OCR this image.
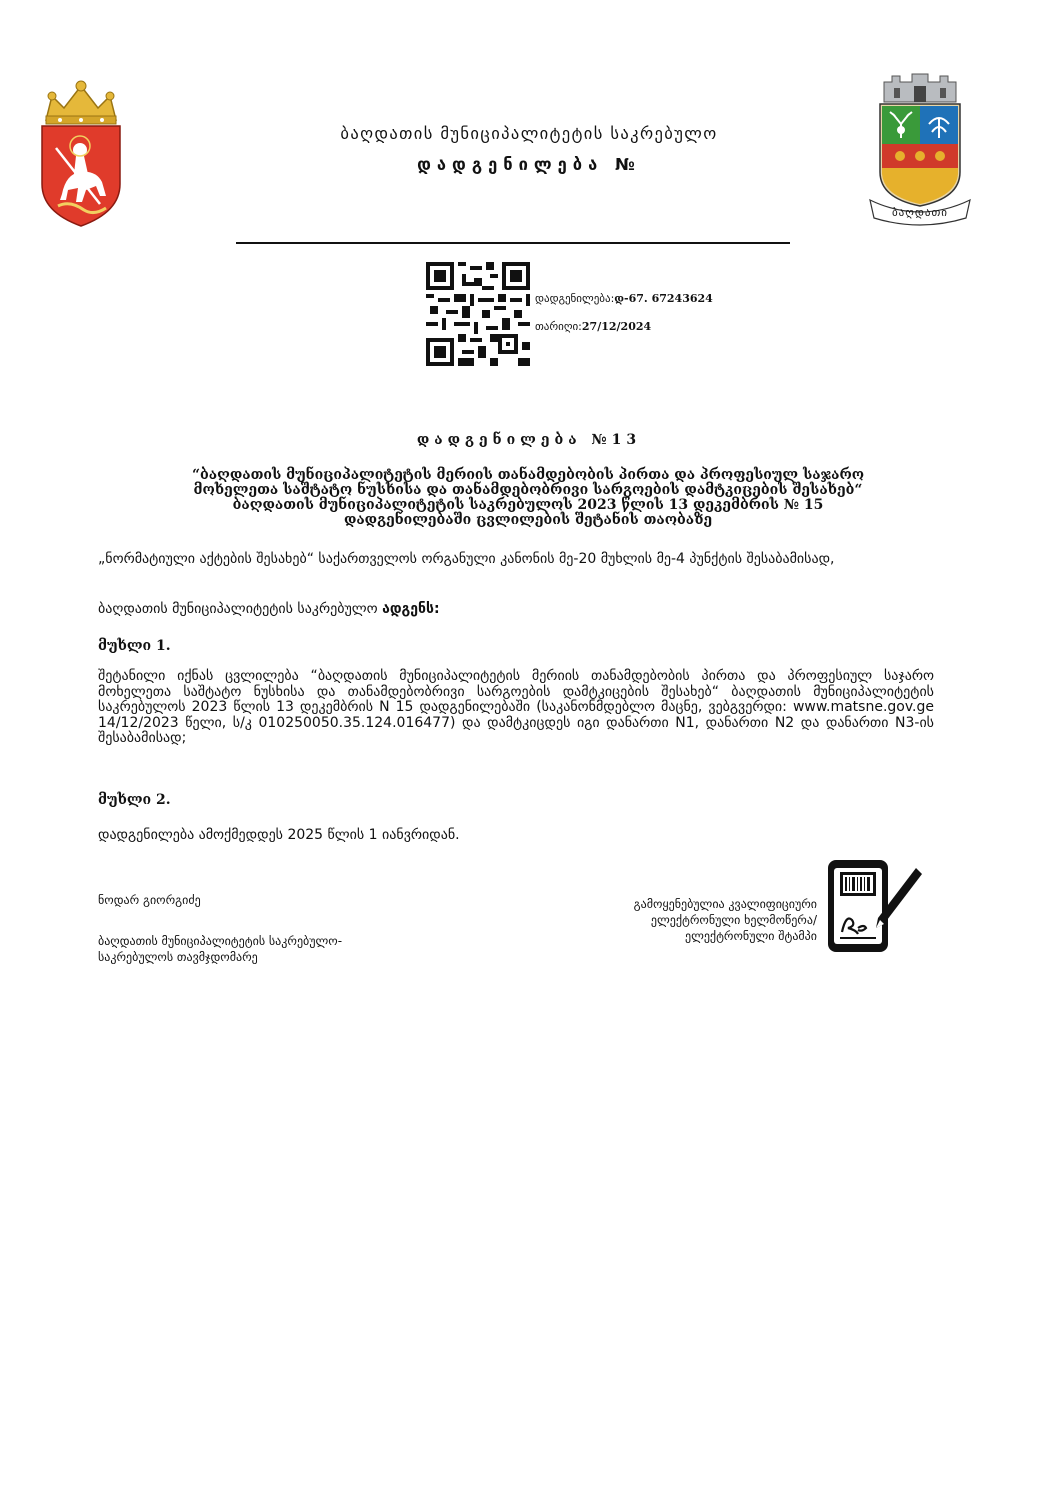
ბაღდათი
ბაღდათის მუნიციპალიტეტის საკრებულო
დადგენილება №
დადგენილება:დ-67. 67243624
თარიღი:27/12/2024
დადგენილება №13
“ბაღდათის მუნიციპალიტეტის მერიის თანამდებობის პირთა და პროფესიულ საჯარო
მოხელეთა საშტატო ნუსხისა და თანამდებობრივი სარგოების დამტკიცების შესახებ“
ბაღდათის მუნიციპალიტეტის საკრებულოს 2023 წლის 13 დეკემბრის № 15
დადგენილებაში ცვლილების შეტანის თაობაზე
„ნორმატიული აქტების შესახებ“ საქართველოს ორგანული კანონის მე-20 მუხლის მე-4 პუნქტის შესაბამისად,
ბაღდათის მუნიციპალიტეტის საკრებულო ადგენს:
მუხლი 1.
შეტანილი იქნას ცვლილება “ბაღდათის მუნიციპალიტეტის მერიის თანამდებობის პირთა და პროფესიულ საჯარო მოხელეთა საშტატო ნუსხისა და თანამდებობრივი სარგოების დამტკიცების შესახებ“ ბაღდათის მუნიციპალიტეტის საკრებულოს 2023 წლის 13 დეკემბრის N 15 დადგენილებაში (საკანონმდებლო მაცნე, ვებგვერდი: www.matsne.gov.ge 14/12/2023 წელი, ს/კ 010250050.35.124.016477) და დამტკიცდეს იგი დანართი N1, დანართი N2 და დანართი N3-ის შესაბამისად;
მუხლი 2.
დადგენილება ამოქმედდეს 2025 წლის 1 იანვრიდან.
ნოდარ გიორგიძე
ბაღდათის მუნიციპალიტეტის საკრებულო-
საკრებულოს თავმჯდომარე
გამოყენებულია კვალიფიციური
ელექტრონული ხელმოწერა/
ელექტრონული შტამპი
